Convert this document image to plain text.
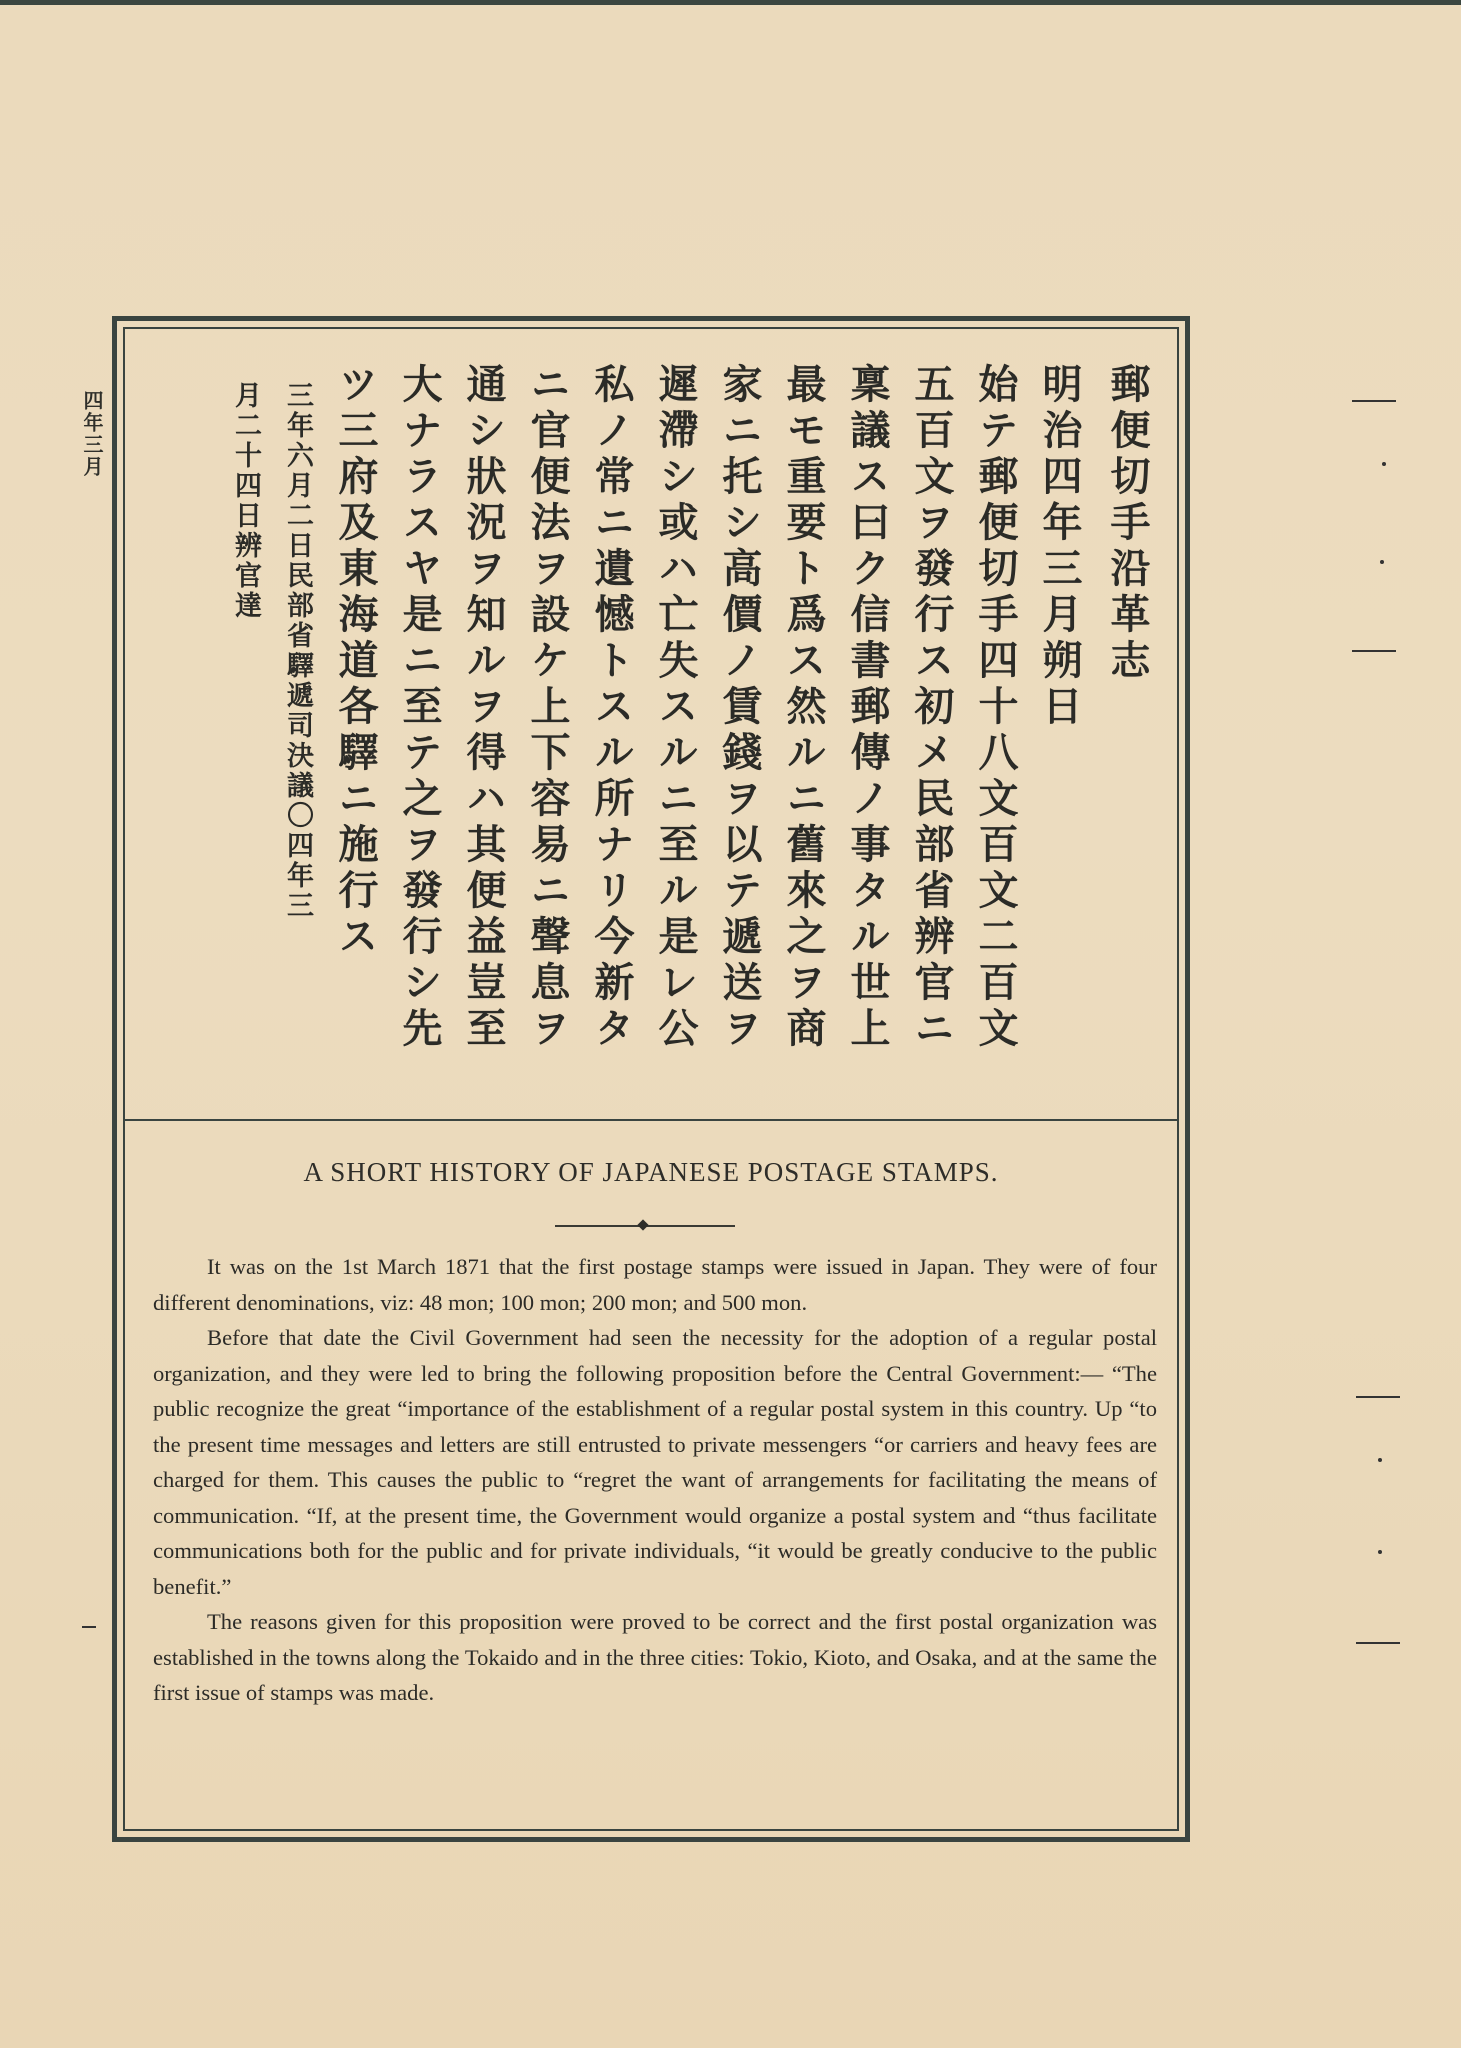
四年三月	郵便切手沿革志
明治四年三月朔日
始テ郵便切手四十八文百文二百文
五百文ヲ發行ス初メ民部省辨官ニ
稟議ス曰ク信書郵傳ノ事タル世上
最モ重要ト爲ス然ルニ舊來之ヲ商
家ニ托シ高價ノ賃錢ヲ以テ遞送ヲ
遲滯シ或ハ亡失スルニ至ル是レ公
私ノ常ニ遺憾トスル所ナリ今新タ
ニ官便法ヲ設ケ上下容易ニ聲息ヲ
通シ狀況ヲ知ルヲ得ハ其便益豈至
大ナラスヤ是ニ至テ之ヲ發行シ先
ツ三府及東海道各驛ニ施行ス
三年六月二日民部省驛遞司決議〇四年三
月二十四日辨官達
A SHORT HISTORY OF JAPANESE POSTAGE STAMPS.

It was on the 1st March 1871 that the first postage stamps were issued in Japan. They were of four different denominations, viz: 48 mon; 100 mon; 200 mon; and 500 mon.

Before that date the Civil Government had seen the necessity for the adoption of a regular postal organization, and they were led to bring the following proposition before the Central Government:— “The public recognize the great “importance of the establishment of a regular postal system in this country. Up “to the present time messages and letters are still entrusted to private messengers “or carriers and heavy fees are charged for them. This causes the public to “regret the want of arrangements for facilitating the means of communication. “If, at the present time, the Government would organize a postal system and “thus facilitate communications both for the public and for private individuals, “it would be greatly conducive to the public benefit.”

The reasons given for this proposition were proved to be correct and the first postal organization was established in the towns along the Tokaido and in the three cities: Tokio, Kioto, and Osaka, and at the same the first issue of stamps was made.
